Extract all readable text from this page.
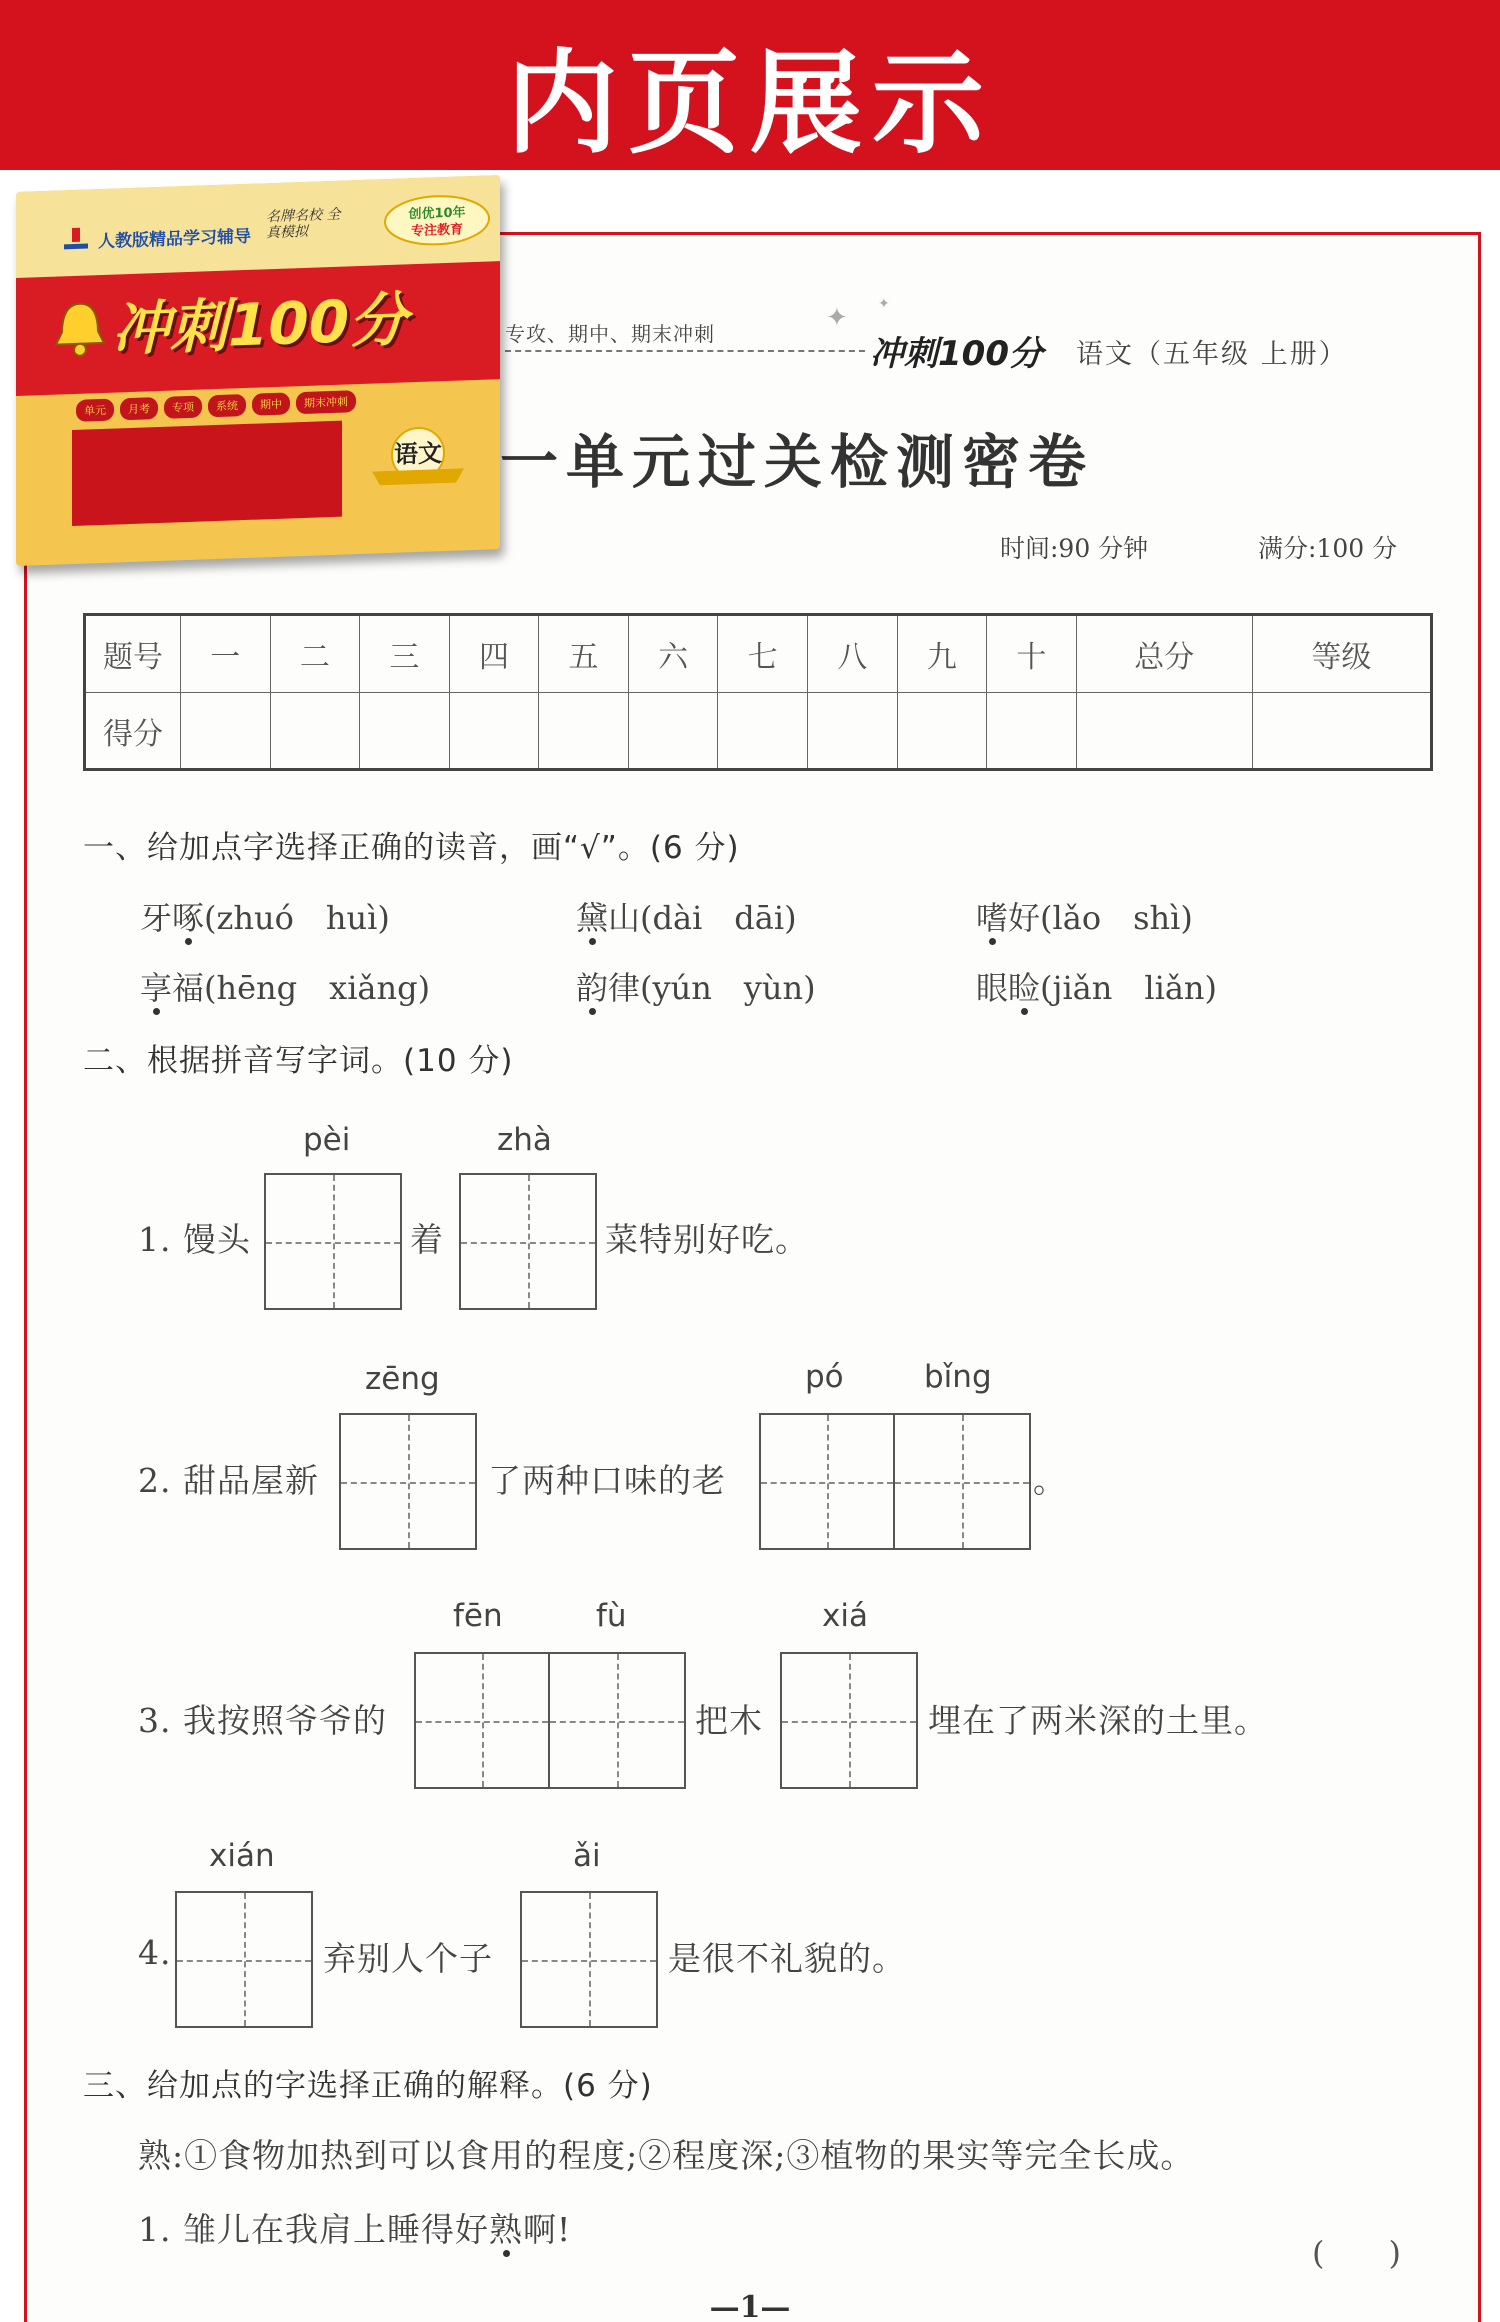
内页展示
专攻、期中、期末冲刺
✦ ✦
冲刺100分 语文（五年级 上册）
一单元过关检测密卷
时间:90 分钟	满分:100 分
题号	一	二	三	四	五	六	七	八	九	十	总分	等级
得分												
一、给加点字选择正确的读音，画“√”。(6 分)
牙啄(zhuó　huì)	黛山(dài　dāi)	嗜好(lǎo　shì)
享福(hēng　xiǎng)	韵律(yún　yùn)	眼睑(jiǎn　liǎn)
二、根据拼音写字词。(10 分)
pèi	zhà
1. 馒头	着	菜特别好吃。
zēng	pó	bǐng
2. 甜品屋新	了两种口味的老	。
fēn	fù	xiá
3. 我按照爷爷的	把木	埋在了两米深的土里。
xián	ǎi
4.	弃别人个子	是很不礼貌的。
三、给加点的字选择正确的解释。(6 分)
熟:①食物加热到可以食用的程度;②程度深;③植物的果实等完全长成。
1. 雏儿在我肩上睡得好熟啊!
(　　)
—1—
人教版精品学习辅导
名牌名校 全真模拟
创优10年
专注教育
冲刺100分
单元	月考	专项	系统	期中	期末冲刺
语文
